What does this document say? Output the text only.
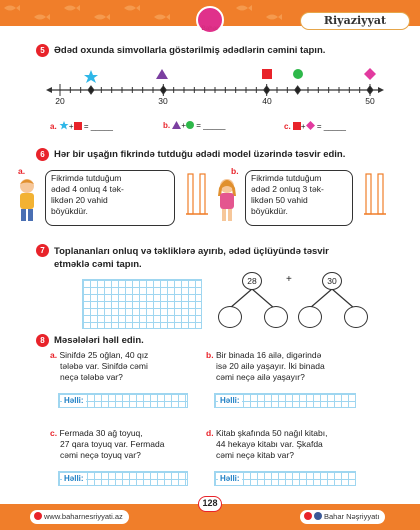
Bahar
Riyaziyyat
5 Ədəd oxunda simvollarla göstərilmiş ədədlərin cəmini tapın.
20	30	40	50
a. + = _____	b. + = _____	c. + = _____
6 Hər bir uşağın fikrində tutduğu ədədi model üzərində təsvir edin.
a.
Fikrimdə tutduğum
ədəd 4 onluq 4 tək-
likdən 20 vahid
böyükdür.
b.
Fikrimdə tutduğum
ədəd 2 onluq 3 tək-
likdən 50 vahid
böyükdür.
7 Toplananları onluq və təkliklərə ayırıb, ədəd üçlüyündə təsvir
etməklə cəmi tapın.
28	30
+
8 Məsələləri həll edin.
a. Sinifdə 25 oğlan, 40 qız
tələbə var. Sinifdə cəmi
neçə tələbə var?
Həlli:
b. Bir binada 16 ailə, digərində
isə 20 ailə yaşayır. İki binada
cəmi neçə ailə yaşayır?
Həlli:
c. Fermada 30 ağ toyuq,
27 qara toyuq var. Fermada
cəmi neçə toyuq var?
Həlli:
d. Kitab şkafında 50 nağıl kitabı,
44 hekayə kitabı var. Şkafda
cəmi neçə kitab var?
Həlli:
www.baharnesriyyati.az
128
Bahar Nəşriyyatı
